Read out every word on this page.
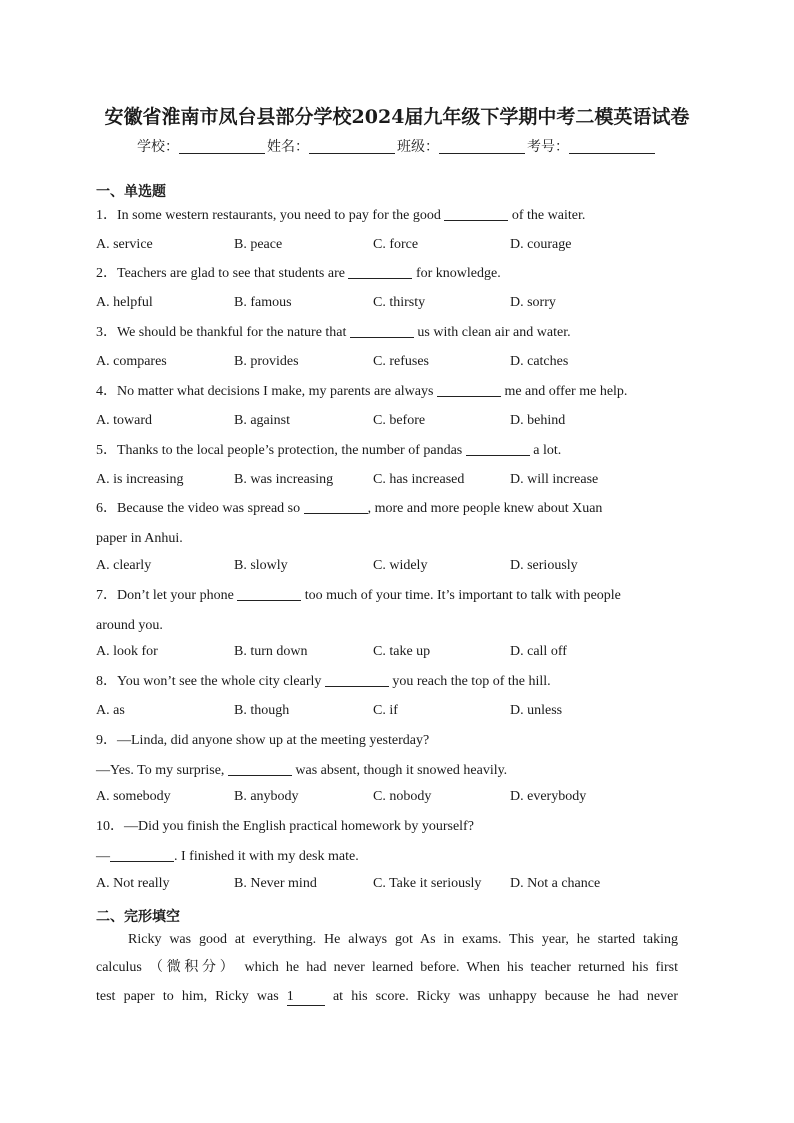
安徽省淮南市凤台县部分学校2024届九年级下学期中考二模英语试卷
学校：	姓名：	班级：	考号：
一、单选题
1．In some western restaurants, you need to pay for the good	of the waiter.
A. service	B. peace	C. force	D. courage
2．Teachers are glad to see that students are	for knowledge.
A. helpful	B. famous	C. thirsty	D. sorry
3．We should be thankful for the nature that	us with clean air and water.
A. compares	B. provides	C. refuses	D. catches
4．No matter what decisions I make, my parents are always	me and offer me help.
A. toward	B. against	C. before	D. behind
5．Thanks to the local people’s protection, the number of pandas	a lot.
A. is increasing	B. was increasing	C. has increased	D. will increase
6．Because the video was spread so	, more and more people knew about Xuan
paper in Anhui.
A. clearly	B. slowly	C. widely	D. seriously
7．Don’t let your phone	too much of your time. It’s important to talk with people
around you.
A. look for	B. turn down	C. take up	D. call off
8．You won’t see the whole city clearly	you reach the top of the hill.
A. as	B. though	C. if	D. unless
9．—Linda, did anyone show up at the meeting yesterday?
—Yes. To my surprise,	was absent, though it snowed heavily.
A. somebody	B. anybody	C. nobody	D. everybody
10．—Did you finish the English practical homework by yourself?
—	. I finished it with my desk mate.
A. Not really	B. Never mind	C. Take it seriously D. Not a chance
二、完形填空
Ricky was good at everything. He always got As in exams. This year, he started taking
calculus （微积分） which he had never learned before. When his teacher returned his first
test paper to him, Ricky was 1 at his score. Ricky was unhappy because he had never
